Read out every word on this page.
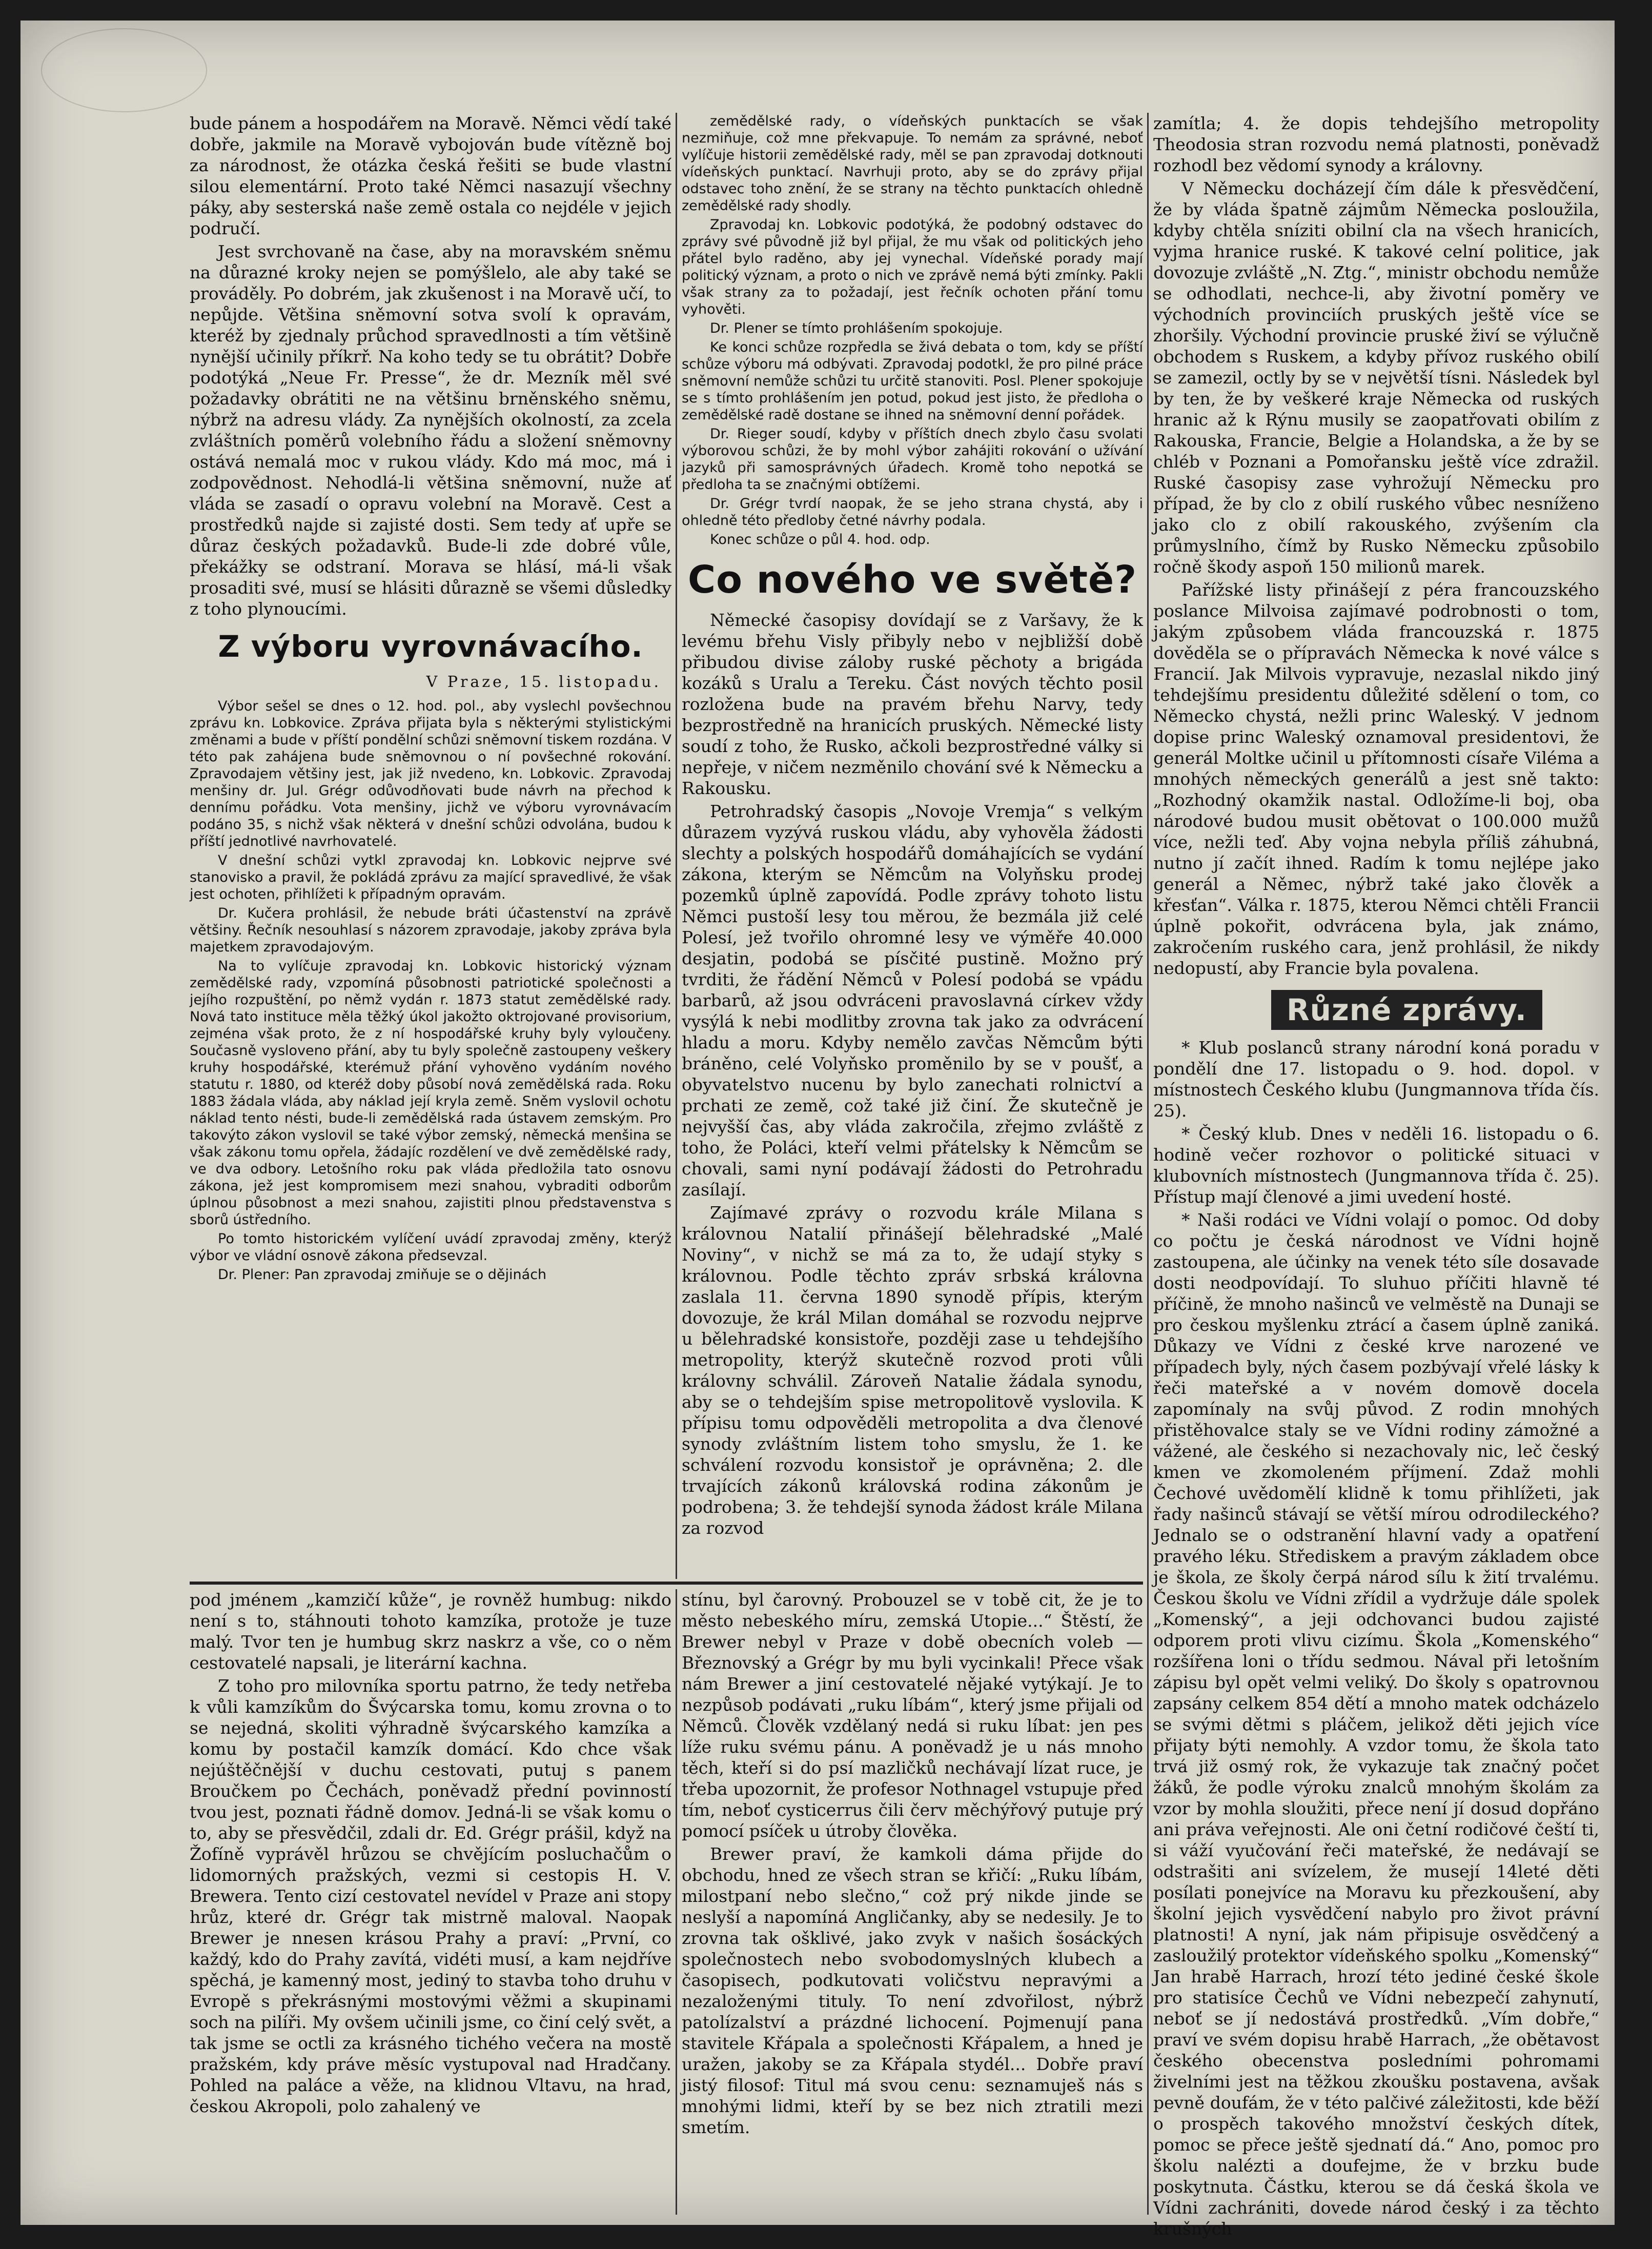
bude pánem a hospodářem na Moravě. Němci vědí také dobře, jakmile na Moravě vybojován bude vítězně boj za národnost, že otázka česká řešiti se bude vlastní silou elementární. Proto také Němci nasazují všechny páky, aby sesterská naše země ostala co nejdéle v jejich područí.

Jest svrchovaně na čase, aby na moravském sněmu na důrazné kroky nejen se pomýšlelo, ale aby také se prováděly. Po dobrém, jak zkušenost i na Moravě učí, to nepůjde. Většina sněmovní sotva svolí k opravám, kteréž by zjednaly průchod spravedlnosti a tím většině nynější učinily příkrř. Na koho tedy se tu obrátit? Dobře podotýká „Neue Fr. Presse“, že dr. Mezník měl své požadavky obrátiti ne na většinu brněnského sněmu, nýbrž na adresu vlády. Za nynějších okolností, za zcela zvláštních poměrů volebního řádu a složení sněmovny ostává nemalá moc v rukou vlády. Kdo má moc, má i zodpovědnost. Nehodlá-li většina sněmovní, nuže ať vláda se zasadí o opravu volební na Moravě. Cest a prostředků najde si zajisté dosti. Sem tedy ať upře se důraz českých požadavků. Bude-li zde dobré vůle, překážky se odstraní. Morava se hlásí, má-li však prosaditi své, musí se hlásiti důrazně se všemi důsledky z toho plynoucími.

Z výboru vyrovnávacího.
V Praze, 15. listopadu.

Výbor sešel se dnes o 12. hod. pol., aby vyslechl povšechnou zprávu kn. Lobkovice. Zpráva přijata byla s některými stylistickými změnami a bude v příští pondělní schůzi sněmovní tiskem rozdána. V této pak zahájena bude sněmovnou o ní povšechné rokování. Zpravodajem většiny jest, jak již nvedeno, kn. Lobkovic. Zpravodaj menšiny dr. Jul. Grégr odůvodňovati bude návrh na přechod k dennímu pořádku. Vota menšiny, jichž ve výboru vyrovnávacím podáno 35, s nichž však některá v dnešní schůzi odvolána, budou k příští jednotlivé navrhovatelé.

V dnešní schůzi vytkl zpravodaj kn. Lobkovic nejprve své stanovisko a pravil, že pokládá zprávu za mající spravedlivé, že však jest ochoten, přihlížeti k případným opravám.

Dr. Kučera prohlásil, že nebude bráti účastenství na zprávě většiny. Řečník nesouhlasí s názorem zpravodaje, jakoby zpráva byla majetkem zpravodajovým.

Na to vylíčuje zpravodaj kn. Lobkovic historický význam zemědělské rady, vzpomíná působnosti patriotické společnosti a jejího rozpuštění, po němž vydán r. 1873 statut zemědělské rady. Nová tato instituce měla těžký úkol jakožto oktrojované provisorium, zejména však proto, že z ní hospodářské kruhy byly vyloučeny. Současně vysloveno přání, aby tu byly společně zastoupeny veškery kruhy hospodářské, kterémuž přání vyhověno vydáním nového statutu r. 1880, od kteréž doby působí nová zemědělská rada. Roku 1883 žádala vláda, aby náklad její kryla země. Sněm vyslovil ochotu náklad tento nésti, bude-li zemědělská rada ústavem zemským. Pro takovýto zákon vyslovil se také výbor zemský, německá menšina se však zákonu tomu opřela, žádajíc rozdělení ve dvě zemědělské rady, ve dva odbory. Letošního roku pak vláda předložila tato osnovu zákona, jež jest kompromisem mezi snahou, vybraditi odborům úplnou působnost a mezi snahou, zajistiti plnou představenstva s sborů ústředního.

Po tomto historickém vylíčení uvádí zpravodaj změny, kterýž výbor ve vládní osnově zákona předsevzal.

Dr. Plener: Pan zpravodaj zmiňuje se o dějinách

zemědělské rady, o vídeňských punktacích se však nezmiňuje, což mne překvapuje. To nemám za správné, neboť vylíčuje historii zemědělské rady, měl se pan zpravodaj dotknouti vídeňských punktací. Navrhuji proto, aby se do zprávy přijal odstavec toho znění, že se strany na těchto punktacích ohledně zemědělské rady shodly.

Zpravodaj kn. Lobkovic podotýká, že podobný odstavec do zprávy své původně již byl přijal, že mu však od politických jeho přátel bylo raděno, aby jej vynechal. Vídeňské porady mají politický význam, a proto o nich ve zprávě nemá býti zmínky. Pakli však strany za to požadají, jest řečník ochoten přání tomu vyhověti.

Dr. Plener se tímto prohlášením spokojuje.

Ke konci schůze rozpředla se živá debata o tom, kdy se příští schůze výboru má odbývati. Zpravodaj podotkl, že pro pilné práce sněmovní nemůže schůzi tu určitě stanoviti. Posl. Plener spokojuje se s tímto prohlášením jen potud, pokud jest jisto, že předloha o zemědělské radě dostane se ihned na sněmovní denní pořádek.

Dr. Rieger soudí, kdyby v příštích dnech zbylo času svolati výborovou schůzi, že by mohl výbor zahájiti rokování o užívání jazyků při samosprávných úřadech. Kromě toho nepotká se předloha ta se značnými obtížemi.

Dr. Grégr tvrdí naopak, že se jeho strana chystá, aby i ohledně této předloby četné návrhy podala.

Konec schůze o půl 4. hod. odp.

Co nového ve světě?

Německé časopisy dovídají se z Varšavy, že k levému břehu Visly přibyly nebo v nejbližší době přibudou divise záloby ruské pěchoty a brigáda kozáků s Uralu a Tereku. Část nových těchto posil rozložena bude na pravém břehu Narvy, tedy bezprostředně na hranicích pruských. Německé listy soudí z toho, že Rusko, ačkoli bezprostředné války si nepřeje, v ničem nezměnilo chování své k Německu a Rakousku.

Petrohradský časopis „Novoje Vremja“ s velkým důrazem vyzývá ruskou vládu, aby vyhověla žádosti slechty a polských hospodářů domáhajících se vydání zákona, kterým se Němcům na Volyňsku prodej pozemků úplně zapovídá. Podle zprávy tohoto listu Němci pustoší lesy tou měrou, že bezmála již celé Polesí, jež tvořilo ohromné lesy ve výměře 40.000 desjatin, podobá se písčité pustině. Možno prý tvrditi, že řádění Němců v Polesí podobá se vpádu barbarů, až jsou odvráceni pravoslavná církev vždy vysýlá k nebi modlitby zrovna tak jako za odvrácení hladu a moru. Kdyby nemělo zavčas Němcům býti bráněno, celé Volyňsko proměnilo by se v poušť, a obyvatelstvo nucenu by bylo zanechati rolnictví a prchati ze země, což také již činí. Že skutečně je nejvyšší čas, aby vláda zakročila, zřejmo zvláště z toho, že Poláci, kteří velmi přátelsky k Němcům se chovali, sami nyní podávají žádosti do Petrohradu zasílají.

Zajímavé zprávy o rozvodu krále Milana s královnou Natalií přinášejí bělehradské „Malé Noviny“, v nichž se má za to, že udají styky s královnou. Podle těchto zpráv srbská královna zaslala 11. června 1890 synodě přípis, kterým dovozuje, že král Milan domáhal se rozvodu nejprve u bělehradské konsistoře, později zase u tehdejšího metropolity, kterýž skutečně rozvod proti vůli královny schválil. Zároveň Natalie žádala synodu, aby se o tehdejším spise metropolitově vyslovila. K přípisu tomu odpověděli metropolita a dva členové synody zvláštním listem toho smyslu, že 1. ke schválení rozvodu konsistoř je oprávněna; 2. dle trvajících zákonů královská rodina zákonům je podrobena; 3. že tehdejší synoda žádost krále Milana za rozvod

zamítla; 4. že dopis tehdejšího metropolity Theodosia stran rozvodu nemá platnosti, poněvadž rozhodl bez vědomí synody a královny.

V Německu docházejí čím dále k přesvědčení, že by vláda špatně zájmům Německa posloužila, kdyby chtěla sníziti obilní cla na všech hranicích, vyjma hranice ruské. K takové celní politice, jak dovozuje zvláště „N. Ztg.“, ministr obchodu nemůže se odhodlati, nechce-li, aby životní poměry ve východních provinciích pruských ještě více se zhoršily. Východní provincie pruské živí se výlučně obchodem s Ruskem, a kdyby přívoz ruského obilí se zamezil, octly by se v největší tísni. Následek byl by ten, že by veškeré kraje Německa od ruských hranic až k Rýnu musily se zaopatřovati obilím z Rakouska, Francie, Belgie a Holandska, a že by se chléb v Poznani a Pomořansku ještě více zdražil. Ruské časopisy zase vyhrožují Německu pro případ, že by clo z obilí ruského vůbec nesníženo jako clo z obilí rakouského, zvýšením cla průmyslního, čímž by Rusko Německu způsobilo ročně škody aspoň 150 milionů marek.

Pařížské listy přinášejí z péra francouzského poslance Milvoisa zajímavé podrobnosti o tom, jakým způsobem vláda francouzská r. 1875 dověděla se o přípravách Německa k nové válce s Francií. Jak Milvois vypravuje, nezaslal nikdo jiný tehdejšímu presidentu důležité sdělení o tom, co Německo chystá, nežli princ Waleský. V jednom dopise princ Waleský oznamoval presidentovi, že generál Moltke učinil u přítomnosti císaře Viléma a mnohých německých generálů a jest sně takto: „Rozhodný okamžik nastal. Odložíme-li boj, oba národové budou musit obětovat o 100.000 mužů více, nežli teď. Aby vojna nebyla příliš záhubná, nutno jí začít ihned. Radím k tomu nejlépe jako generál a Němec, nýbrž také jako člověk a křesťan“. Válka r. 1875, kterou Němci chtěli Francii úplně pokořit, odvrácena byla, jak známo, zakročením ruského cara, jenž prohlásil, že nikdy nedopustí, aby Francie byla povalena.

Různé zprávy.

* Klub poslanců strany národní koná poradu v pondělí dne 17. listopadu o 9. hod. dopol. v místnostech Českého klubu (Jungmannova třída čís. 25).

* Český klub. Dnes v neděli 16. listopadu o 6. hodině večer rozhovor o politické situaci v klubovních místnostech (Jungmannova třída č. 25). Přístup mají členové a jimi uvedení hosté.

* Naši rodáci ve Vídni volají o pomoc. Od doby co počtu je česká národnost ve Vídni hojně zastoupena, ale účinky na venek této síle dosavade dosti neodpovídají. To sluhuo příčiti hlavně té příčině, že mnoho našinců ve velměstě na Dunaji se pro českou myšlenku ztrácí a časem úplně zaniká. Důkazy ve Vídni z české krve narozené ve případech byly, ných časem pozbývají vřelé lásky k řeči mateřské a v novém domově docela zapomínaly na svůj původ. Z rodin mnohých přistěhovalce staly se ve Vídni rodiny zámožné a vážené, ale českého si nezachovaly nic, leč český kmen ve zkomoleném příjmení. Zdaž mohli Čechové uvědomělí klidně k tomu přihlížeti, jak řady našinců stávají se větší mírou odrodileckého? Jednalo se o odstranění hlavní vady a opatření pravého léku. Střediskem a pravým základem obce je škola, ze školy čerpá národ sílu k žití trvalému. Českou školu ve Vídni zřídil a vydržuje dále spolek „Komenský“, a jeji odchovanci budou zajisté odporem proti vlivu cizímu. Škola „Komenského“ rozšířena loni o třídu sedmou. Nával při letošním zápisu byl opět velmi veliký. Do školy s opatrovnou zapsány celkem 854 dětí a mnoho matek odcházelo se svými dětmi s pláčem, jelikož děti jejich více přijaty býti nemohly. A vzdor tomu, že škola tato trvá již osmý rok, že vykazuje tak značný počet žáků, že podle výroku znalců mnohým školám za vzor by mohla sloužiti, přece není jí dosud dopřáno ani práva veřejnosti. Ale oni četní rodičové čeští ti, si váží vyučování řeči mateřské, že nedávají se odstrašiti ani svízelem, že musejí 14leté děti posílati ponejvíce na Moravu ku přezkoušení, aby školní jejich vysvědčení nabylo pro život právní platnosti! A nyní, jak nám připisuje osvědčený a zasloužilý protektor vídeňského spolku „Komenský“ Jan hrabě Harrach, hrozí této jediné české škole pro statisíce Čechů ve Vídni nebezpečí zahynutí, neboť se jí nedostává prostředků. „Vím dobře,“ praví ve svém dopisu hrabě Harrach, „že obětavost českého obecenstva posledními pohromami živelními jest na těžkou zkoušku postavena, avšak pevně doufám, že v této palčivé záležitosti, kde běží o prospěch takového množství českých dítek, pomoc se přece ještě sjednatí dá.“ Ano, pomoc pro školu nalézti a doufejme, že v brzku bude poskytnuta. Částku, kterou se dá česká škola ve Vídni zachrániti, dovede národ český i za těchto krušných

pod jménem „kamzičí kůže“, je rovněž humbug: nikdo není s to, stáhnouti tohoto kamzíka, protože je tuze malý. Tvor ten je humbug skrz naskrz a vše, co o něm cestovatelé napsali, je literární kachna.

Z toho pro milovníka sportu patrno, že tedy netřeba k vůli kamzíkům do Švýcarska tomu, komu zrovna o to se nejedná, skoliti výhradně švýcarského kamzíka a komu by postačil kamzík domácí. Kdo chce však nejúštěčnější v duchu cestovati, putuj s panem Broučkem po Čechách, poněvadž přední povinností tvou jest, poznati řádně domov. Jedná-li se však komu o to, aby se přesvědčil, zdali dr. Ed. Grégr prášil, když na Žofíně vyprávěl hrůzou se chvějícím posluchačům o lidomorných pražských, vezmi si cestopis H. V. Brewera. Tento cizí cestovatel nevídel v Praze ani stopy hrůz, které dr. Grégr tak mistrně maloval. Naopak Brewer je nnesen krásou Prahy a praví: „První, co každý, kdo do Prahy zavítá, vidéti musí, a kam nejdříve spěchá, je kamenný most, jediný to stavba toho druhu v Evropě s překrásnými mostovými věžmi a skupinami soch na pilíři. My ovšem učinili jsme, co činí celý svět, a tak jsme se octli za krásného tichého večera na mostě pražském, kdy práve měsíc vystupoval nad Hradčany. Pohled na paláce a věže, na klidnou Vltavu, na hrad, českou Akropoli, polo zahalený ve

stínu, byl čarovný. Probouzel se v tobě cit, že je to město nebeského míru, zemská Utopie...“ Štěstí, že Brewer nebyl v Praze v době obecních voleb — Březnovský a Grégr by mu byli vycinkali! Přece však nám Brewer a jiní cestovatelé nějaké vytýkají. Je to nezpůsob podávati „ruku líbám“, který jsme přijali od Němců. Člověk vzdělaný nedá si ruku líbat: jen pes líže ruku svému pánu. A poněvadž je u nás mnoho těch, kteří si do psí mazličků nechávají lízat ruce, je třeba upozornit, že profesor Nothnagel vstupuje před tím, neboť cysticerrus čili červ měchýřový putuje prý pomocí psíček u útroby člověka.

Brewer praví, že kamkoli dáma přijde do obchodu, hned ze všech stran se křičí: „Ruku líbám, milostpaní nebo slečno,“ což prý nikde jinde se neslyší a napomíná Angličanky, aby se nedesily. Je to zrovna tak ošklivé, jako zvyk v našich šosáckých společnostech nebo svobodomyslných klubech a časopisech, podkutovati voličstvu nepravými a nezaloženými tituly. To není zdvořilost, nýbrž patolízalství a prázdné lichocení. Pojmenují pana stavitele Křápala a společnosti Křápalem, a hned je uražen, jakoby se za Křápala stydél... Dobře praví jistý filosof: Titul má svou cenu: seznamuješ nás s mnohými lidmi, kteří by se bez nich ztratili mezi smetím.
